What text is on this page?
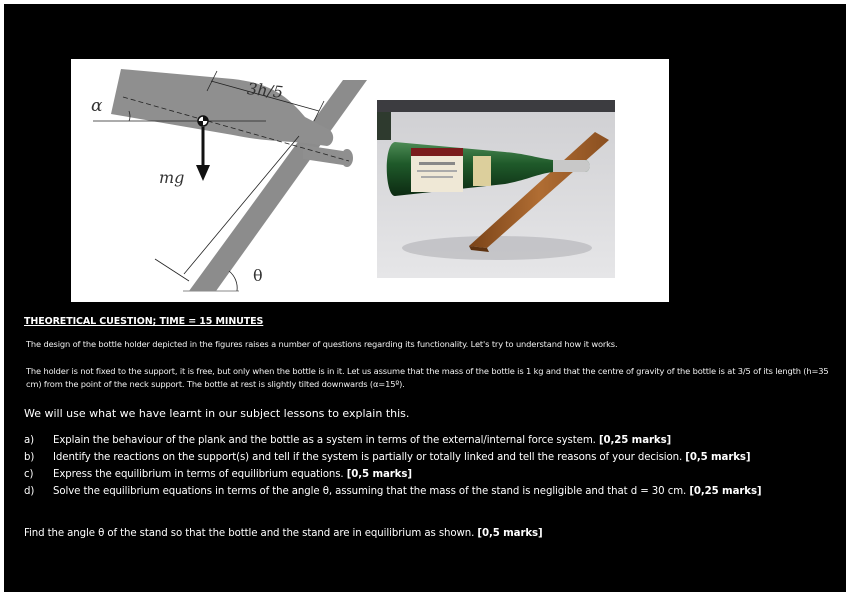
α
3h/5
mg
θ

THEORETICAL CUESTION; TIME = 15 MINUTES

The design of the bottle holder depicted in the figures raises a number of questions regarding its functionality. Let's try to understand how it works.

The holder is not fixed to the support, it is free, but only when the bottle is in it. Let us assume that the mass of the bottle is 1 kg and that the centre of gravity of the bottle is at 3/5 of its length (h=35 cm) from the point of the neck support. The bottle at rest is slightly tilted downwards (α=15º).

We will use what we have learnt in our subject lessons to explain this.

a) Explain the behaviour of the plank and the bottle as a system in terms of the external/internal force system. [0,25 marks]
b) Identify the reactions on the support(s) and tell if the system is partially or totally linked and tell the reasons of your decision. [0,5 marks]
c) Express the equilibrium in terms of equilibrium equations. [0,5 marks]
d) Solve the equilibrium equations in terms of the angle θ, assuming that the mass of the stand is negligible and that d = 30 cm. [0,25 marks]

Find the angle θ of the stand so that the bottle and the stand are in equilibrium as shown. [0,5 marks]
